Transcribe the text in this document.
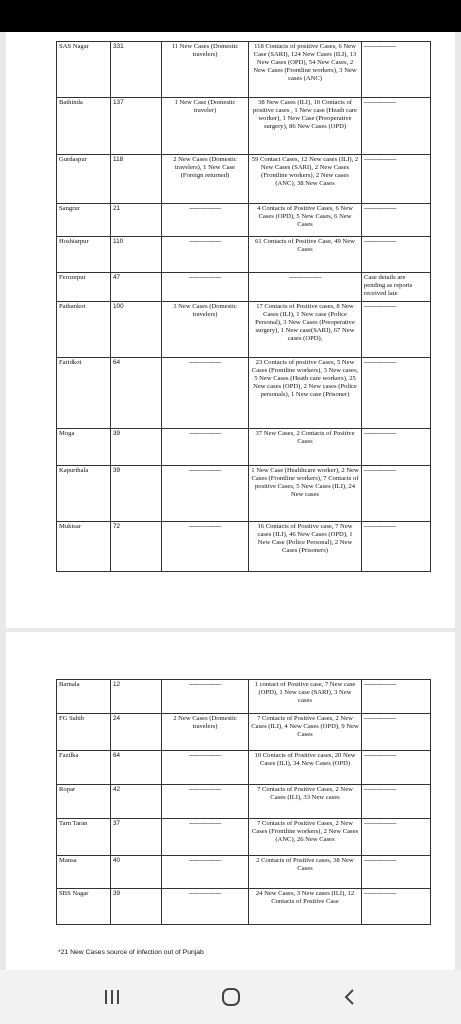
SAS Nagar	331	11 New Cases (Domestic travelers)	118 Contacts of positive Cases, 6 New Case (SARI), 124 New Cases (ILI), 13 New Cases (OPD), 54 New Cases, 2 New Cases (Frontline workers), 3 New cases (ANC)	-----------------
Bathinda	137	1 New Case (Domestic traveler)	38 New Cases (ILI), 10 Contacts of positive cases , 1 New case (Heath care worker), 1 New Case (Preoperative surgery), 86 New Cases (OPD)	-----------------
Gurdaspur	118	2 New Cases (Domestic travelers), 1 New Case (Foreign returned)	59 Contact Cases, 12 New cases (ILI), 2 New Cases (SARI), 2 New Cases (Frontline workers), 2 New cases (ANC), 38 New Cases	-----------------
Sangrur	21	-----------------	4 Contacts of Positive Cases, 6 New Cases (OPD), 5 New Cases, 6 New Cases	-----------------
Hoshiarpur	110	-----------------	61 Contacts of Positive Case, 49 New Cases	-----------------
Ferozepur	47	-----------------	-----------------	Case details are pending as reports received late
Pathankot	100	3 New Cases (Domestic travelers)	17 Contacts of Positive cases, 8 New Cases (ILI), 1 New case (Police Personal), 3 New Cases (Preoperative surgery), 1 New case(SARI), 67 New cases (OPD),	-----------------
Faridkot	64	-----------------	23 Contacts of positive Cases, 5 New Cases (Frontline workers), 3 New cases, 5 New Cases (Heath care workers), 25 New cases (OPD), 2 New cases (Police personals), 1 New case (Prisoner)	-----------------
Moga	39	-----------------	37 New Cases, 2 Contacts of Positive Cases	-----------------
Kapurthala	39	-----------------	1 New Case (Healthcare worker), 2 New Cases (Frontline workers), 7 Contacts of positive Cases, 5 New Cases (ILI), 24 New cases	-----------------
Muktsar	72	-----------------	16 Contacts of Positive case, 7 New cases (ILI), 46 New Cases (OPD), 1 New Case (Police Personal), 2 New Cases (Prisoners)	-----------------
Barnala	12	-----------------	1 contact of Positive case, 7 New case (OPD), 1 New case (SARI), 3 New cases	-----------------
FG Sahib	24	2 New Cases (Domestic travelers)	7 Contacts of Positive Cases, 2 New Cases (ILI), 4 New Cases (OPD), 9 New Cases	-----------------
Fazilka	64	-----------------	10 Contacts of Positive cases, 20 New Cases (ILI), 34 New Cases (OPD)	-----------------
Ropar	42	-----------------	7 Contacts of Positive Cases, 2 New Cases (ILI), 33 New cases	-----------------
Tarn Taran	37	-----------------	7 Contacts of Positive Cases, 2 New Cases (Frontline workers), 2 New Cases (ANC), 26 New Cases	-----------------
Mansa	40	-----------------	2 Contacts of Positive cases, 38 New Cases	-----------------
SBS Nagar	39	-----------------	24 New Cases, 3 New cases (ILI), 12 Contacts of Positive Case	-----------------
*21 New Cases source of infection out of Punjab
